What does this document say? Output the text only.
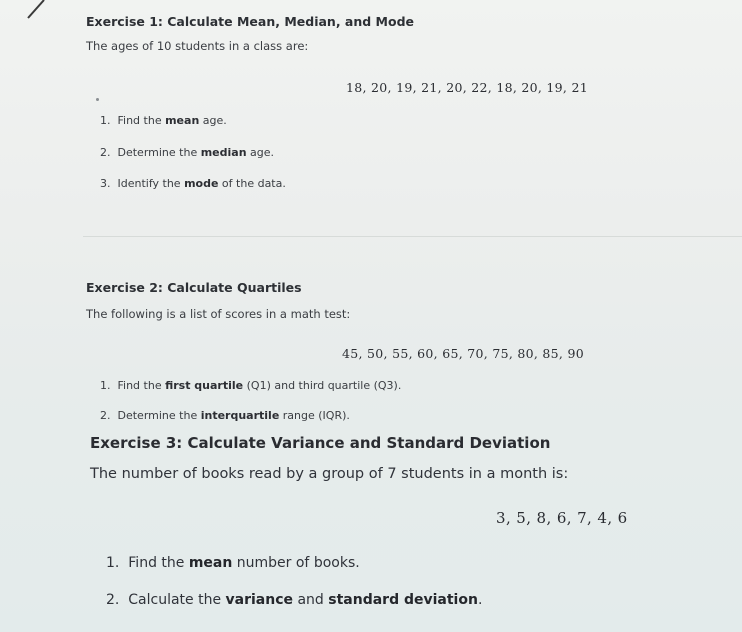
Exercise 1: Calculate Mean, Median, and Mode
The ages of 10 students in a class are:
18, 20, 19, 21, 20, 22, 18, 20, 19, 21
1. Find the mean age.
2. Determine the median age.
3. Identify the mode of the data.
Exercise 2: Calculate Quartiles
The following is a list of scores in a math test:
45, 50, 55, 60, 65, 70, 75, 80, 85, 90
1. Find the first quartile (Q1) and third quartile (Q3).
2. Determine the interquartile range (IQR).
Exercise 3: Calculate Variance and Standard Deviation
The number of books read by a group of 7 students in a month is:
3, 5, 8, 6, 7, 4, 6
1. Find the mean number of books.
2. Calculate the variance and standard deviation.
